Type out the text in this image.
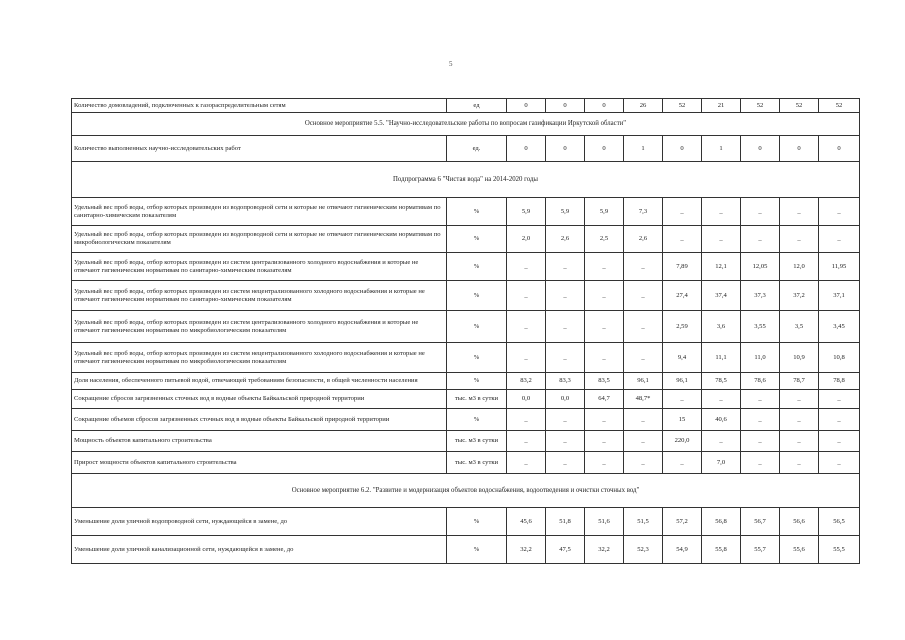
5
Количество домовладений, подключенных к газораспределительным сетям	ед	0	0	0	26	52	21	52	52	52
Основное мероприятие 5.5. "Научно-исследовательские работы по вопросам газификации Иркутской области"										
Количество выполненных научно-исследовательских работ	ед.	0	0	0	1	0	1	0	0	0
Подпрограмма 6 "Чистая вода" на 2014-2020 годы										
Удельный вес проб воды, отбор которых произведен из водопроводной сети и которые не отвечают гигиеническим нормативам по санитарно-химическим показателям	%	5,9	5,9	5,9	7,3	_	_	_	_	_
Удельный вес проб воды, отбор которых произведен из водопроводной сети и которые не отвечают гигиеническим нормативам по микробиологическим показателям	%	2,0	2,6	2,5	2,6	_	_	_	_	_
Удельный вес проб воды, отбор которых произведен из систем централизованного холодного водоснабжения и которые не отвечают гигиеническим нормативам по санитарно-химическим показателям	%	_	_	_	_	7,89	12,1	12,05	12,0	11,95
Удельный вес проб воды, отбор которых произведен из систем нецентрализованного холодного водоснабжения и которые не отвечают гигиеническим нормативам по санитарно-химическим показателям	%	_	_	_	_	27,4	37,4	37,3	37,2	37,1
Удельный вес проб воды, отбор которых произведен из систем централизованного холодного водоснабжения и которые не отвечают гигиеническим нормативам по микробиологическим показателям	%	_	_	_	_	2,59	3,6	3,55	3,5	3,45
Удельный вес проб воды, отбор которых произведен из систем нецентрализованного холодного водоснабжения и которые не отвечают гигиеническим нормативам по микробиологическим показателям	%	_	_	_	_	9,4	11,1	11,0	10,9	10,8
Доля населения, обеспеченного питьевой водой, отвечающей требованиям безопасности, в общей численности населения	%	83,2	83,3	83,5	96,1	96,1	78,5	78,6	78,7	78,8
Сокращение сбросов загрязненных сточных вод в водные объекты Байкальской природной территории	тыс. м3 в сутки	0,0	0,0	64,7	48,7*	_	_	_	_	_
Сокращение объемов сбросов загрязненных сточных вод в водные объекты Байкальской природной территории	%	_	_	_	_	15	40,6	_	_	_
Мощность объектов капитального строительства	тыс. м3 в сутки	_	_	_	_	220,0	_	_	_	_
Прирост мощности объектов капитального строительства	тыс. м3 в сутки	_	_	_	_	_	7,0	_	_	_
Основное мероприятие 6.2. "Развитие и модернизация объектов водоснабжения, водоотведения и очистки сточных вод"										
Уменьшение доли уличной водопроводной сети, нуждающейся в замене, до	%	45,6	51,8	51,6	51,5	57,2	56,8	56,7	56,6	56,5
Уменьшение доли уличной канализационной сети, нуждающейся в замене, до	%	32,2	47,5	32,2	52,3	54,9	55,8	55,7	55,6	55,5
